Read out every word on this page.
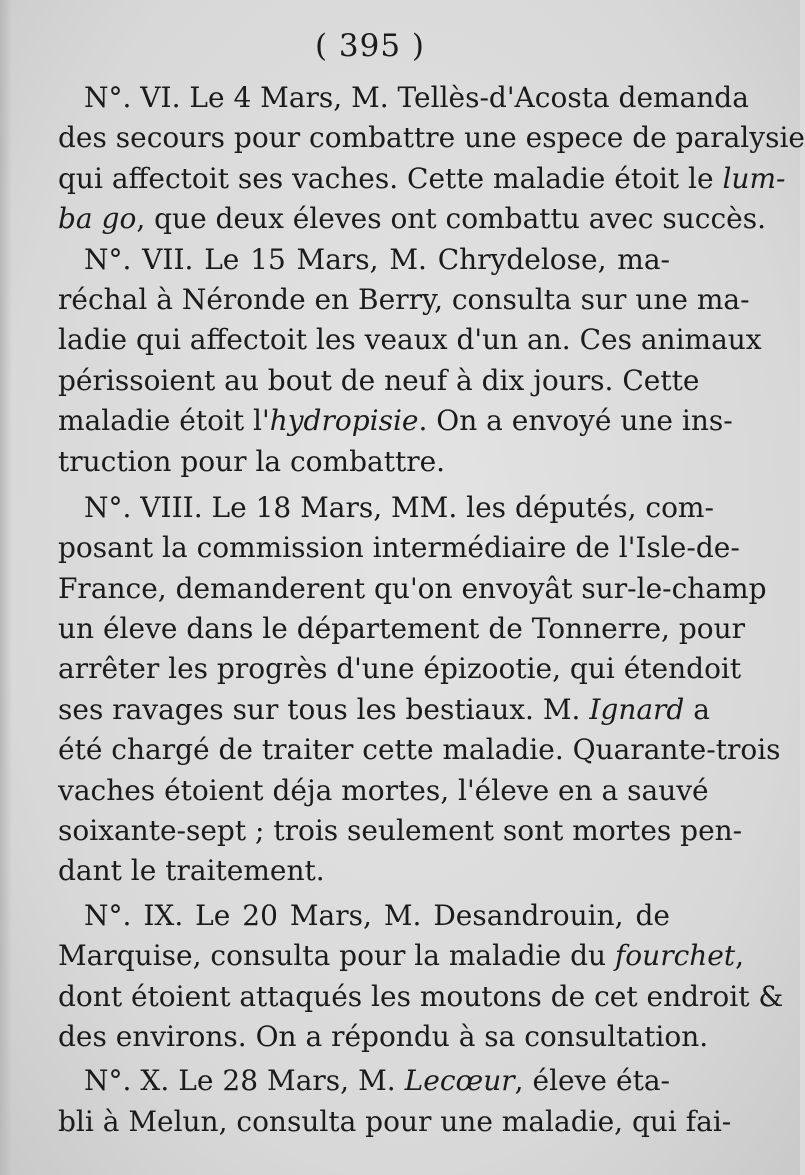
( 395 )
N°. VI. Le 4 Mars, M. Tellès-d'Acosta demanda
des secours pour combattre une espece de paralysie
qui affectoit ses vaches. Cette maladie étoit le lum-
ba go, que deux éleves ont combattu avec succès.
N°. VII. Le 15 Mars, M. Chrydelose, ma-
réchal à Néronde en Berry, consulta sur une ma-
ladie qui affectoit les veaux d'un an. Ces animaux
périssoient au bout de neuf à dix jours. Cette
maladie étoit l'hydropisie. On a envoyé une ins-
truction pour la combattre.
N°. VIII. Le 18 Mars, MM. les députés, com-
posant la commission intermédiaire de l'Isle-de-
France, demanderent qu'on envoyât sur-le-champ
un éleve dans le département de Tonnerre, pour
arrêter les progrès d'une épizootie, qui étendoit
ses ravages sur tous les bestiaux. M. Ignard a
été chargé de traiter cette maladie. Quarante-trois
vaches étoient déja mortes, l'éleve en a sauvé
soixante-sept ; trois seulement sont mortes pen-
dant le traitement.
N°. IX. Le 20 Mars, M. Desandrouin, de
Marquise, consulta pour la maladie du fourchet,
dont étoient attaqués les moutons de cet endroit &
des environs. On a répondu à sa consultation.
N°. X. Le 28 Mars, M. Lecœur, éleve éta-
bli à Melun, consulta pour une maladie, qui fai-
